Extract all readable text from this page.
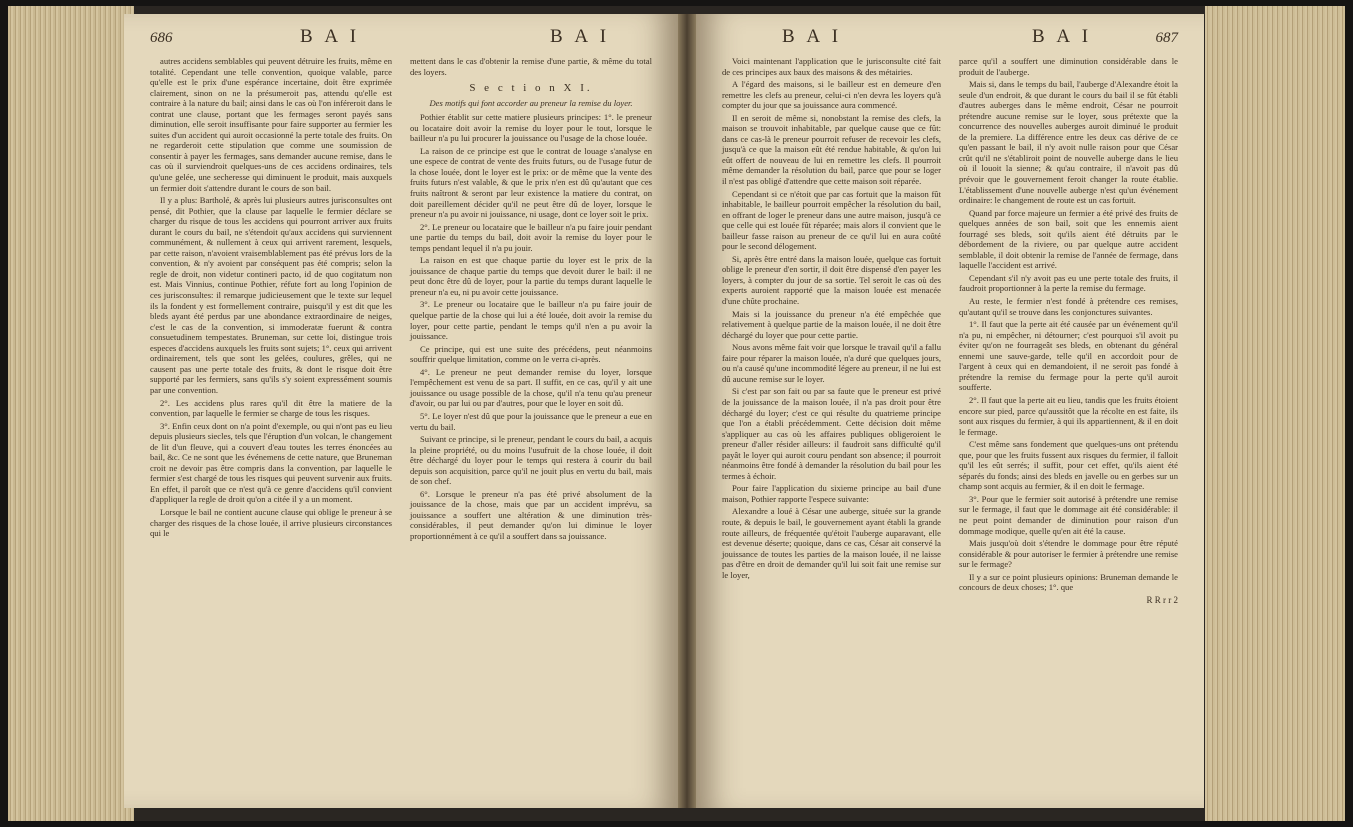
686	B A I	B A I

autres accidens semblables qui peuvent détruire les fruits, même en totalité. Cependant une telle convention, quoique valable, parce qu'elle est le prix d'une espérance incertaine, doit être exprimée clairement, sinon on ne la présumeroit pas, attendu qu'elle est contraire à la nature du bail; ainsi dans le cas où l'on inféreroit dans le contrat une clause, portant que les fermages seront payés sans diminution, elle seroit insuffisante pour faire supporter au fermier les suites d'un accident qui auroit occasionné la perte totale des fruits. On ne regarderoit cette stipulation que comme une soumission de consentir à payer les fermages, sans demander aucune remise, dans le cas où il surviendroit quelques-uns de ces accidens ordinaires, tels qu'une gelée, une secheresse qui diminuent le produit, mais auxquels un fermier doit s'attendre durant le cours de son bail.

Il y a plus: Bartholé, & après lui plusieurs autres jurisconsultes ont pensé, dit Pothier, que la clause par laquelle le fermier déclare se charger du risque de tous les accidens qui pourront arriver aux fruits durant le cours du bail, ne s'étendoit qu'aux accidens qui surviennent communément, & nullement à ceux qui arrivent rarement, lesquels, par cette raison, n'avoient vraisemblablement pas été prévus lors de la convention, & n'y avoient par conséquent pas été compris; selon la regle de droit, non videtur contineri pacto, id de quo cogitatum non est. Mais Vinnius, continue Pothier, réfute fort au long l'opinion de ces jurisconsultes: il remarque judicieusement que le texte sur lequel ils la fondent y est formellement contraire, puisqu'il y est dit que les bleds ayant été perdus par une abondance extraordinaire de neiges, c'est le cas de la convention, si immoderatæ fuerunt & contra consuetudinem tempestates. Bruneman, sur cette loi, distingue trois especes d'accidens auxquels les fruits sont sujets; 1°. ceux qui arrivent ordinairement, tels que sont les gelées, coulures, grêles, qui ne causent pas une perte totale des fruits, & dont le risque doit être supporté par les fermiers, sans qu'ils s'y soient expressément soumis par une convention.

2°. Les accidens plus rares qu'il dit être la matiere de la convention, par laquelle le fermier se charge de tous les risques.

3°. Enfin ceux dont on n'a point d'exemple, ou qui n'ont pas eu lieu depuis plusieurs siecles, tels que l'éruption d'un volcan, le changement de lit d'un fleuve, qui a couvert d'eau toutes les terres énoncées au bail, &c. Ce ne sont que les événemens de cette nature, que Bruneman croit ne devoir pas être compris dans la convention, par laquelle le fermier s'est chargé de tous les risques qui peuvent survenir aux fruits. En effet, il paroît que ce n'est qu'à ce genre d'accidens qu'il convient d'appliquer la regle de droit qu'on a citée il y a un moment.

Lorsque le bail ne contient aucune clause qui oblige le preneur à se charger des risques de la chose louée, il arrive plusieurs circonstances qui le

mettent dans le cas d'obtenir la remise d'une partie, & même du total des loyers.

S e c t i o n X I.
Des motifs qui font accorder au preneur la remise du loyer.

Pothier établit sur cette matiere plusieurs principes: 1°. le preneur ou locataire doit avoir la remise du loyer pour le tout, lorsque le bailleur n'a pu lui procurer la jouissance ou l'usage de la chose louée.

La raison de ce principe est que le contrat de louage s'analyse en une espece de contrat de vente des fruits futurs, ou de l'usage futur de la chose louée, dont le loyer est le prix: or de même que la vente des fruits futurs n'est valable, & que le prix n'en est dû qu'autant que ces fruits naîtront & seront par leur existence la matiere du contrat, on doit pareillement décider qu'il ne peut être dû de loyer, lorsque le preneur n'a pu avoir ni jouissance, ni usage, dont ce loyer soit le prix.

2°. Le preneur ou locataire que le bailleur n'a pu faire jouir pendant une partie du temps du bail, doit avoir la remise du loyer pour le temps pendant lequel il n'a pu jouir.

La raison en est que chaque partie du loyer est le prix de la jouissance de chaque partie du temps que devoit durer le bail: il ne peut donc être dû de loyer, pour la partie du temps durant laquelle le preneur n'a eu, ni pu avoir cette jouissance.

3°. Le preneur ou locataire que le bailleur n'a pu faire jouir de quelque partie de la chose qui lui a été louée, doit avoir la remise du loyer, pour cette partie, pendant le temps qu'il n'en a pu avoir la jouissance.

Ce principe, qui est une suite des précédens, peut néanmoins souffrir quelque limitation, comme on le verra ci-après.

4°. Le preneur ne peut demander remise du loyer, lorsque l'empêchement est venu de sa part. Il suffit, en ce cas, qu'il y ait une jouissance ou usage possible de la chose, qu'il n'a tenu qu'au preneur d'avoir, ou par lui ou par d'autres, pour que le loyer en soit dû.

5°. Le loyer n'est dû que pour la jouissance que le preneur a eue en vertu du bail.

Suivant ce principe, si le preneur, pendant le cours du bail, a acquis la pleine propriété, ou du moins l'usufruit de la chose louée, il doit être déchargé du loyer pour le temps qui restera à courir du bail depuis son acquisition, parce qu'il ne jouit plus en vertu du bail, mais de son chef.

6°. Lorsque le preneur n'a pas été privé absolument de la jouissance de la chose, mais que par un accident imprévu, sa jouissance a souffert une altération & une diminution très-considérables, il peut demander qu'on lui diminue le loyer proportionnément à ce qu'il a souffert dans sa jouissance.

B A I	B A I	687

Voici maintenant l'application que le jurisconsulte cité fait de ces principes aux baux des maisons & des métairies.

A l'égard des maisons, si le bailleur est en demeure d'en remettre les clefs au preneur, celui-ci n'en devra les loyers qu'à compter du jour que sa jouissance aura commencé.

Il en seroit de même si, nonobstant la remise des clefs, la maison se trouvoit inhabitable, par quelque cause que ce fût: dans ce cas-là le preneur pourroit refuser de recevoir les clefs, jusqu'à ce que la maison eût été rendue habitable, & qu'on lui eût offert de nouveau de lui en remettre les clefs. Il pourroit même demander la résolution du bail, parce que pour se loger il n'est pas obligé d'attendre que cette maison soit réparée.

Cependant si ce n'étoit que par cas fortuit que la maison fût inhabitable, le bailleur pourroit empêcher la résolution du bail, en offrant de loger le preneur dans une autre maison, jusqu'à ce que celle qui est louée fût réparée; mais alors il convient que le bailleur fasse raison au preneur de ce qu'il lui en aura coûté pour le second délogement.

Si, après être entré dans la maison louée, quelque cas fortuit oblige le preneur d'en sortir, il doit être dispensé d'en payer les loyers, à compter du jour de sa sortie. Tel seroit le cas où des experts auroient rapporté que la maison louée est menacée d'une chûte prochaine.

Mais si la jouissance du preneur n'a été empêchée que relativement à quelque partie de la maison louée, il ne doit être déchargé du loyer que pour cette partie.

Nous avons même fait voir que lorsque le travail qu'il a fallu faire pour réparer la maison louée, n'a duré que quelques jours, ou n'a causé qu'une incommodité légere au preneur, il ne lui est dû aucune remise sur le loyer.

Si c'est par son fait ou par sa faute que le preneur est privé de la jouissance de la maison louée, il n'a pas droit pour être déchargé du loyer; c'est ce qui résulte du quatrieme principe que l'on a établi précédemment. Cette décision doit même s'appliquer au cas où les affaires publiques obligeroient le preneur d'aller résider ailleurs: il faudroit sans difficulté qu'il payât le loyer qui auroit couru pendant son absence; il pourroit néanmoins être fondé à demander la résolution du bail pour les termes à échoir.

Pour faire l'application du sixieme principe au bail d'une maison, Pothier rapporte l'espece suivante:

Alexandre a loué à César une auberge, située sur la grande route, & depuis le bail, le gouvernement ayant établi la grande route ailleurs, de fréquentée qu'étoit l'auberge auparavant, elle est devenue déserte; quoique, dans ce cas, César ait conservé la jouissance de toutes les parties de la maison louée, il ne laisse pas d'être en droit de demander qu'il lui soit fait une remise sur le loyer,

parce qu'il a souffert une diminution considérable dans le produit de l'auberge.

Mais si, dans le temps du bail, l'auberge d'Alexandre étoit la seule d'un endroit, & que durant le cours du bail il se fût établi d'autres auberges dans le même endroit, César ne pourroit prétendre aucune remise sur le loyer, sous prétexte que la concurrence des nouvelles auberges auroit diminué le produit de la premiere. La différence entre les deux cas dérive de ce qu'en passant le bail, il n'y avoit nulle raison pour que César crût qu'il ne s'établiroit point de nouvelle auberge dans le lieu où il louoit la sienne; & qu'au contraire, il n'avoit pas dû prévoir que le gouvernement feroit changer la route établie. L'établissement d'une nouvelle auberge n'est qu'un événement ordinaire: le changement de route est un cas fortuit.

Quand par force majeure un fermier a été privé des fruits de quelques années de son bail, soit que les ennemis aient fourragé ses bleds, soit qu'ils aient été détruits par le débordement de la riviere, ou par quelque autre accident semblable, il doit obtenir la remise de l'année de fermage, dans laquelle l'accident est arrivé.

Cependant s'il n'y avoit pas eu une perte totale des fruits, il faudroit proportionner à la perte la remise du fermage.

Au reste, le fermier n'est fondé à prétendre ces remises, qu'autant qu'il se trouve dans les conjonctures suivantes.

1°. Il faut que la perte ait été causée par un événement qu'il n'a pu, ni empêcher, ni détourner; c'est pourquoi s'il avoit pu éviter qu'on ne fourrageât ses bleds, en obtenant du général ennemi une sauve-garde, telle qu'il en accordoit pour de l'argent à ceux qui en demandoient, il ne seroit pas fondé à prétendre la remise du fermage pour la perte qu'il auroit soufferte.

2°. Il faut que la perte ait eu lieu, tandis que les fruits étoient encore sur pied, parce qu'aussitôt que la récolte en est faite, ils sont aux risques du fermier, à qui ils appartiennent, & il en doit le fermage.

C'est même sans fondement que quelques-uns ont prétendu que, pour que les fruits fussent aux risques du fermier, il falloit qu'il les eût serrés; il suffit, pour cet effet, qu'ils aient été séparés du fonds; ainsi des bleds en javelle ou en gerbes sur un champ sont acquis au fermier, & il en doit le fermage.

3°. Pour que le fermier soit autorisé à prétendre une remise sur le fermage, il faut que le dommage ait été considérable: il ne peut point demander de diminution pour raison d'un dommage modique, quelle qu'en ait été la cause.

Mais jusqu'où doit s'étendre le dommage pour être réputé considérable & pour autoriser le fermier à prétendre une remise sur le fermage?

Il y a sur ce point plusieurs opinions: Bruneman demande le concours de deux choses; 1°. que

R R r r 2
